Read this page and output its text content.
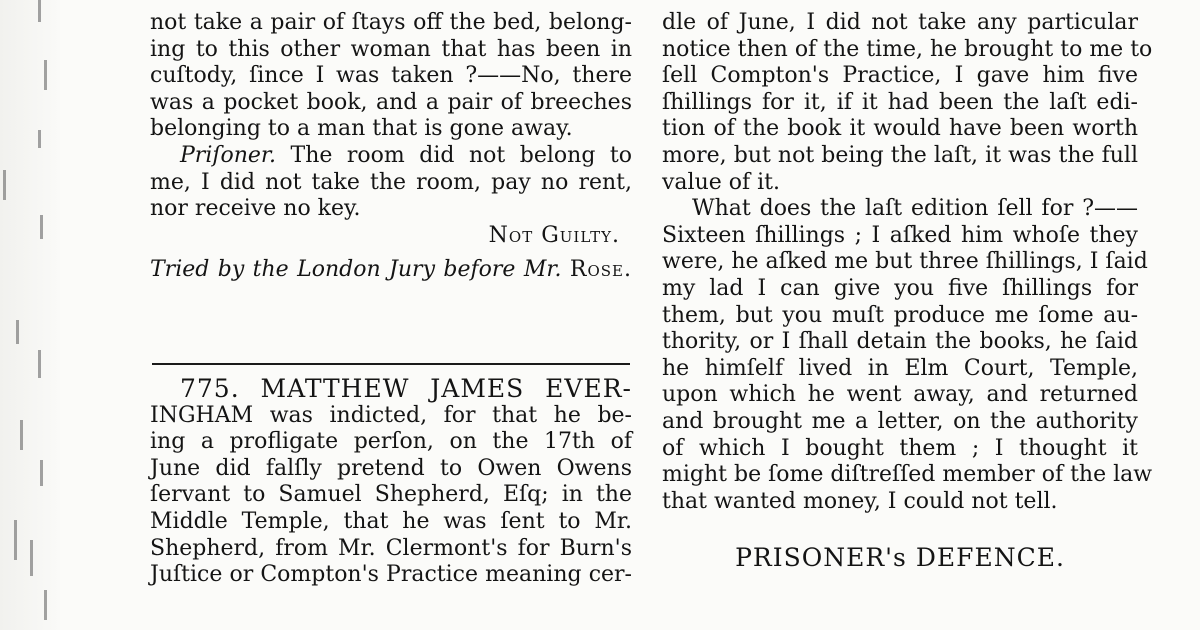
not take a pair of ſtays off the bed, belong-
ing to this other woman that has been in
cuſtody, ſince I was taken ?——No, there
was a pocket book, and a pair of breeches
belonging to a man that is gone away.
Priſoner. The room did not belong to
me, I did not take the room, pay no rent,
nor receive no key.
Not Guilty.
Tried by the London Jury before Mr. Rose.
775. MATTHEW JAMES EVER-
INGHAM was indicted, for that he be-
ing a profligate perſon, on the 17th of
June did falſly pretend to Owen Owens
ſervant to Samuel Shepherd, Eſq; in the
Middle Temple, that he was ſent to Mr.
Shepherd, from Mr. Clermont's for Burn's
Juſtice or Compton's Practice meaning cer-
dle of June, I did not take any particular
notice then of the time, he brought to me to
ſell Compton's Practice, I gave him five
ſhillings for it, if it had been the laſt edi-
tion of the book it would have been worth
more, but not being the laſt, it was the full
value of it.
What does the laſt edition ſell for ?——
Sixteen ſhillings ; I aſked him whoſe they
were, he aſked me but three ſhillings, I ſaid
my lad I can give you five ſhillings for
them, but you muſt produce me ſome au-
thority, or I ſhall detain the books, he ſaid
he himſelf lived in Elm Court, Temple,
upon which he went away, and returned
and brought me a letter, on the authority
of which I bought them ; I thought it
might be ſome diſtreſſed member of the law
that wanted money, I could not tell.
PRISONER's DEFENCE.
